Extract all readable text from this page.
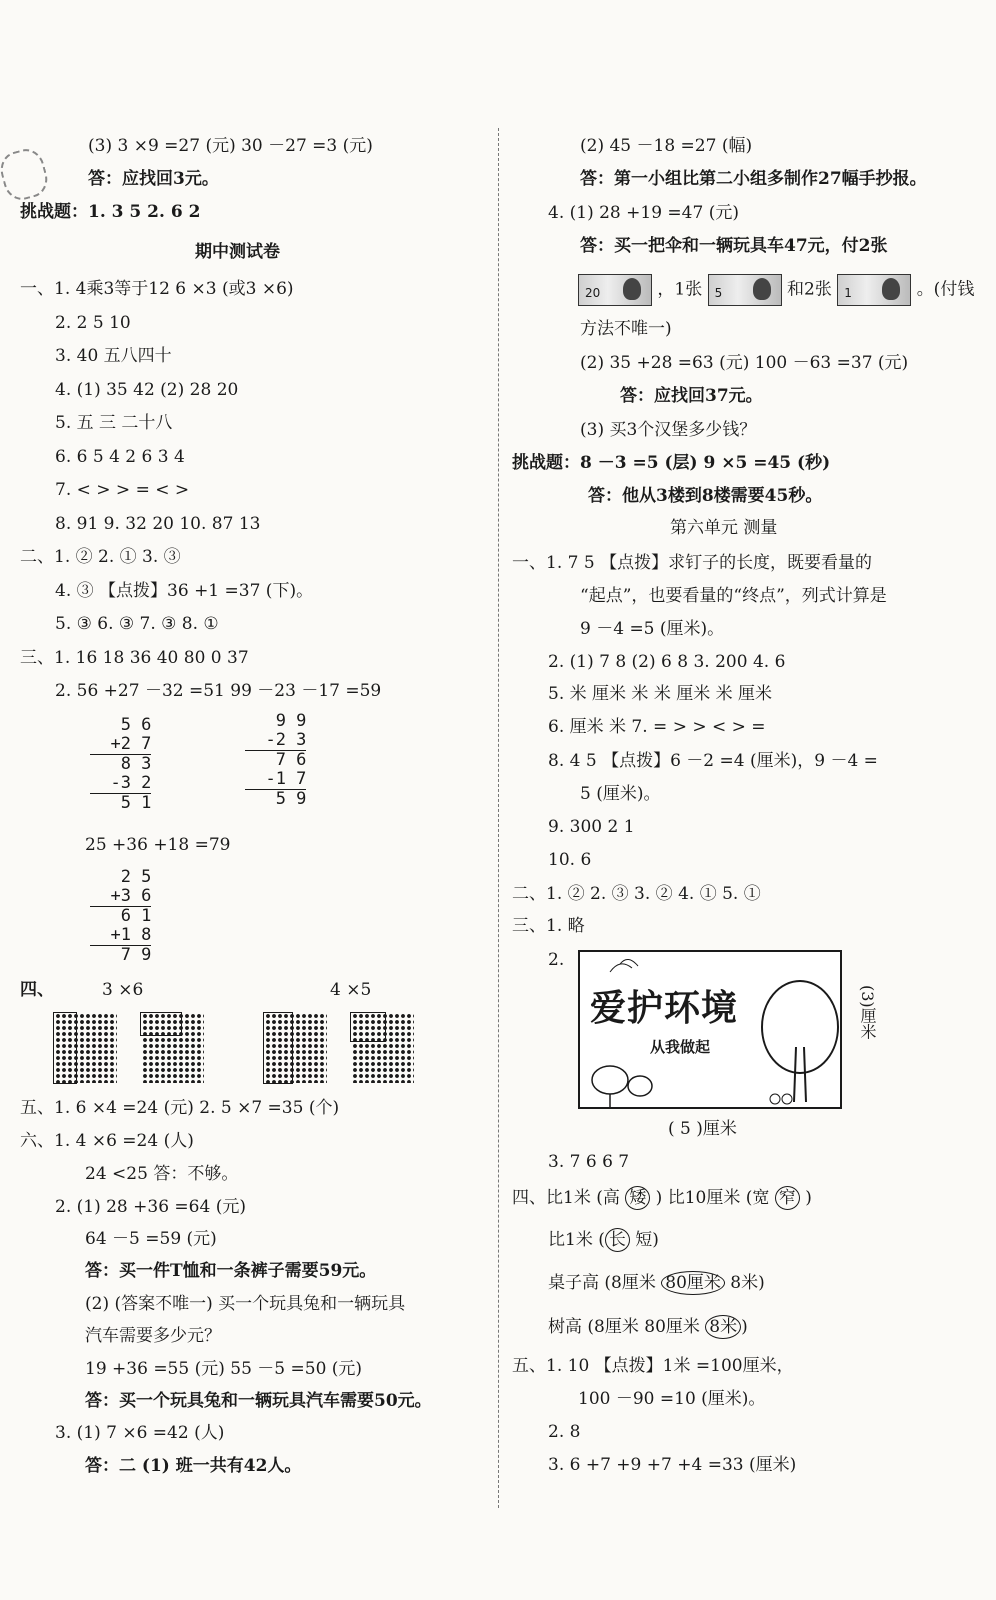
(3) 3 ×9 =27 (元) 30 －27 =3 (元)
答：应找回3元。
挑战题：1. 3 5 2. 6 2
期中测试卷
一、1. 4乘3等于12 6 ×3 (或3 ×6)
2. 2 5 10
3. 40 五八四十
4. (1) 35 42 (2) 28 20
5. 五 三 二十八
6. 6 5 4 2 6 3 4
7. < > > = < >
8. 91 9. 32 20 10. 87 13
二、1. ② 2. ① 3. ③
4. ③ 【点拨】36 +1 =37 (下)。
5. ③ 6. ③ 7. ③ 8. ①
三、1. 16 18 36 40 80 0 37
2. 56 +27 －32 =51 99 －23 －17 =59
5 6
+2 7
8 3
-3 2
5 1
9 9
-2 3
7 6
-1 7
5 9
25 +36 +18 =79
2 5
+3 6
6 1
+1 8
7 9
四、	3 ×6	4 ×5
五、1. 6 ×4 =24 (元) 2. 5 ×7 =35 (个)
六、1. 4 ×6 =24 (人)
24 <25 答：不够。
2. (1) 28 +36 =64 (元)
64 －5 =59 (元)
答：买一件T恤和一条裤子需要59元。
(2) (答案不唯一) 买一个玩具兔和一辆玩具
汽车需要多少元？
19 +36 =55 (元) 55 －5 =50 (元)
答：买一个玩具兔和一辆玩具汽车需要50元。
3. (1) 7 ×6 =42 (人)
答：二 (1) 班一共有42人。
(2) 45 －18 =27 (幅)
答：第一小组比第二小组多制作27幅手抄报。
4. (1) 28 +19 =47 (元)
答：买一把伞和一辆玩具车47元，付2张
20	，1张 5	和2张 1	。(付钱
方法不唯一)
(2) 35 +28 =63 (元) 100 －63 =37 (元)
答：应找回37元。
(3) 买3个汉堡多少钱？
挑战题：8 －3 =5 (层) 9 ×5 =45 (秒)
答：他从3楼到8楼需要45秒。
第六单元 测量
一、1. 7 5 【点拨】求钉子的长度，既要看量的
“起点”，也要看量的“终点”，列式计算是
9 －4 =5 (厘米)。
2. (1) 7 8 (2) 6 8 3. 200 4. 6
5. 米 厘米 米 米 厘米 米 厘米
6. 厘米 米 7. = > > < > =
8. 4 5 【点拨】6 －2 =4 (厘米)，9 －4 =
5 (厘米)。
9. 300 2 1
10. 6
二、1. ② 2. ③ 3. ② 4. ① 5. ①
三、1. 略
2.
爱护环境
从我做起
(3)厘米
( 5 )厘米
3. 7 6 6 7
四、比1米 (高 矮 ) 比10厘米 (宽 窄 )
比1米 ( 长 短)
桌子高 (8厘米 80厘米 8米)
树高 (8厘米 80厘米 8米 )
五、1. 10 【点拨】1米 =100厘米，
100 －90 =10 (厘米)。
2. 8
3. 6 +7 +9 +7 +4 =33 (厘米)
